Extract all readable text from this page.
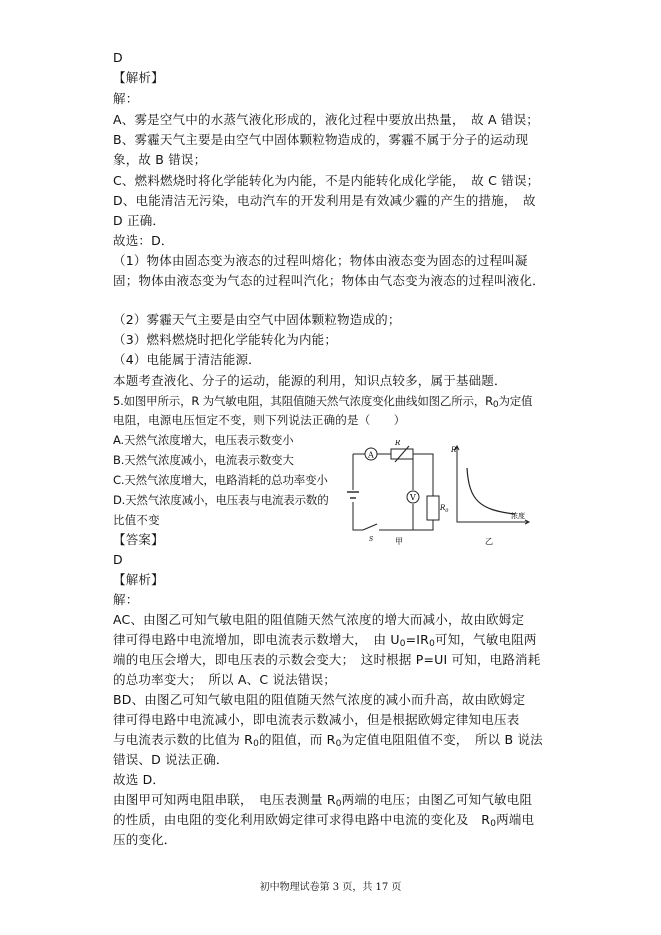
D
【解析】
解：
A、雾是空气中的水蒸气液化形成的，液化过程中要放出热量，　故 A 错误；
B、雾霾天气主要是由空气中固体颗粒物造成的，雾霾不属于分子的运动现
象，故 B 错误；
C、燃料燃烧时将化学能转化为内能，不是内能转化成化学能，　故 C 错误；
D、电能清洁无污染，电动汽车的开发利用是有效减少霾的产生的措施，　故
D 正确．
故选：D．
（1）物体由固态变为液态的过程叫熔化；物体由液态变为固态的过程叫凝
固；物体由液态变为气态的过程叫汽化；物体由气态变为液态的过程叫液化．
（2）雾霾天气主要是由空气中固体颗粒物造成的；
（3）燃料燃烧时把化学能转化为内能；
（4）电能属于清洁能源．
本题考查液化、分子的运动，能源的利用，知识点较多，属于基础题．
5.如图甲所示，R 为气敏电阻，其阻值随天然气浓度变化曲线如图乙所示，$R_0$为定值
电阻，电源电压恒定不变，则下列说法正确的是（　　）
A.天然气浓度增大，电压表示数变小
B.天然气浓度减小，电流表示数变大
C.天然气浓度增大，电路消耗的总功率变小
D.天然气浓度减小，电压表与电流表示数的
比值不变
A
V
R
$R_0$
S	甲
R
浓度
乙
【答案】
D
【解析】
解：
AC、由图乙可知气敏电阻的阻值随天然气浓度的增大而减小，故由欧姆定
律可得电路中电流增加，即电流表示数增大，　由 $U_0=IR_0$可知，气敏电阻两
端的电压会增大，即电压表的示数会变大；　这时根据 P=UI 可知，电路消耗
的总功率变大；　所以 A、C 说法错误；
BD、由图乙可知气敏电阻的阻值随天然气浓度的减小而升高，故由欧姆定
律可得电路中电流减小，即电流表示数减小，但是根据欧姆定律知电压表
与电流表示数的比值为 $R_0$的阻值，而 $R_0$为定值电阻阻值不变，　所以 B 说法
错误、D 说法正确．
故选 D．
由图甲可知两电阻串联，　电压表测量 $R_0$两端的电压；由图乙可知气敏电阻
的性质，由电阻的变化利用欧姆定律可求得电路中电流的变化及　$R_0$两端电
压的变化．
初中物理试卷第 3 页，共 17 页
